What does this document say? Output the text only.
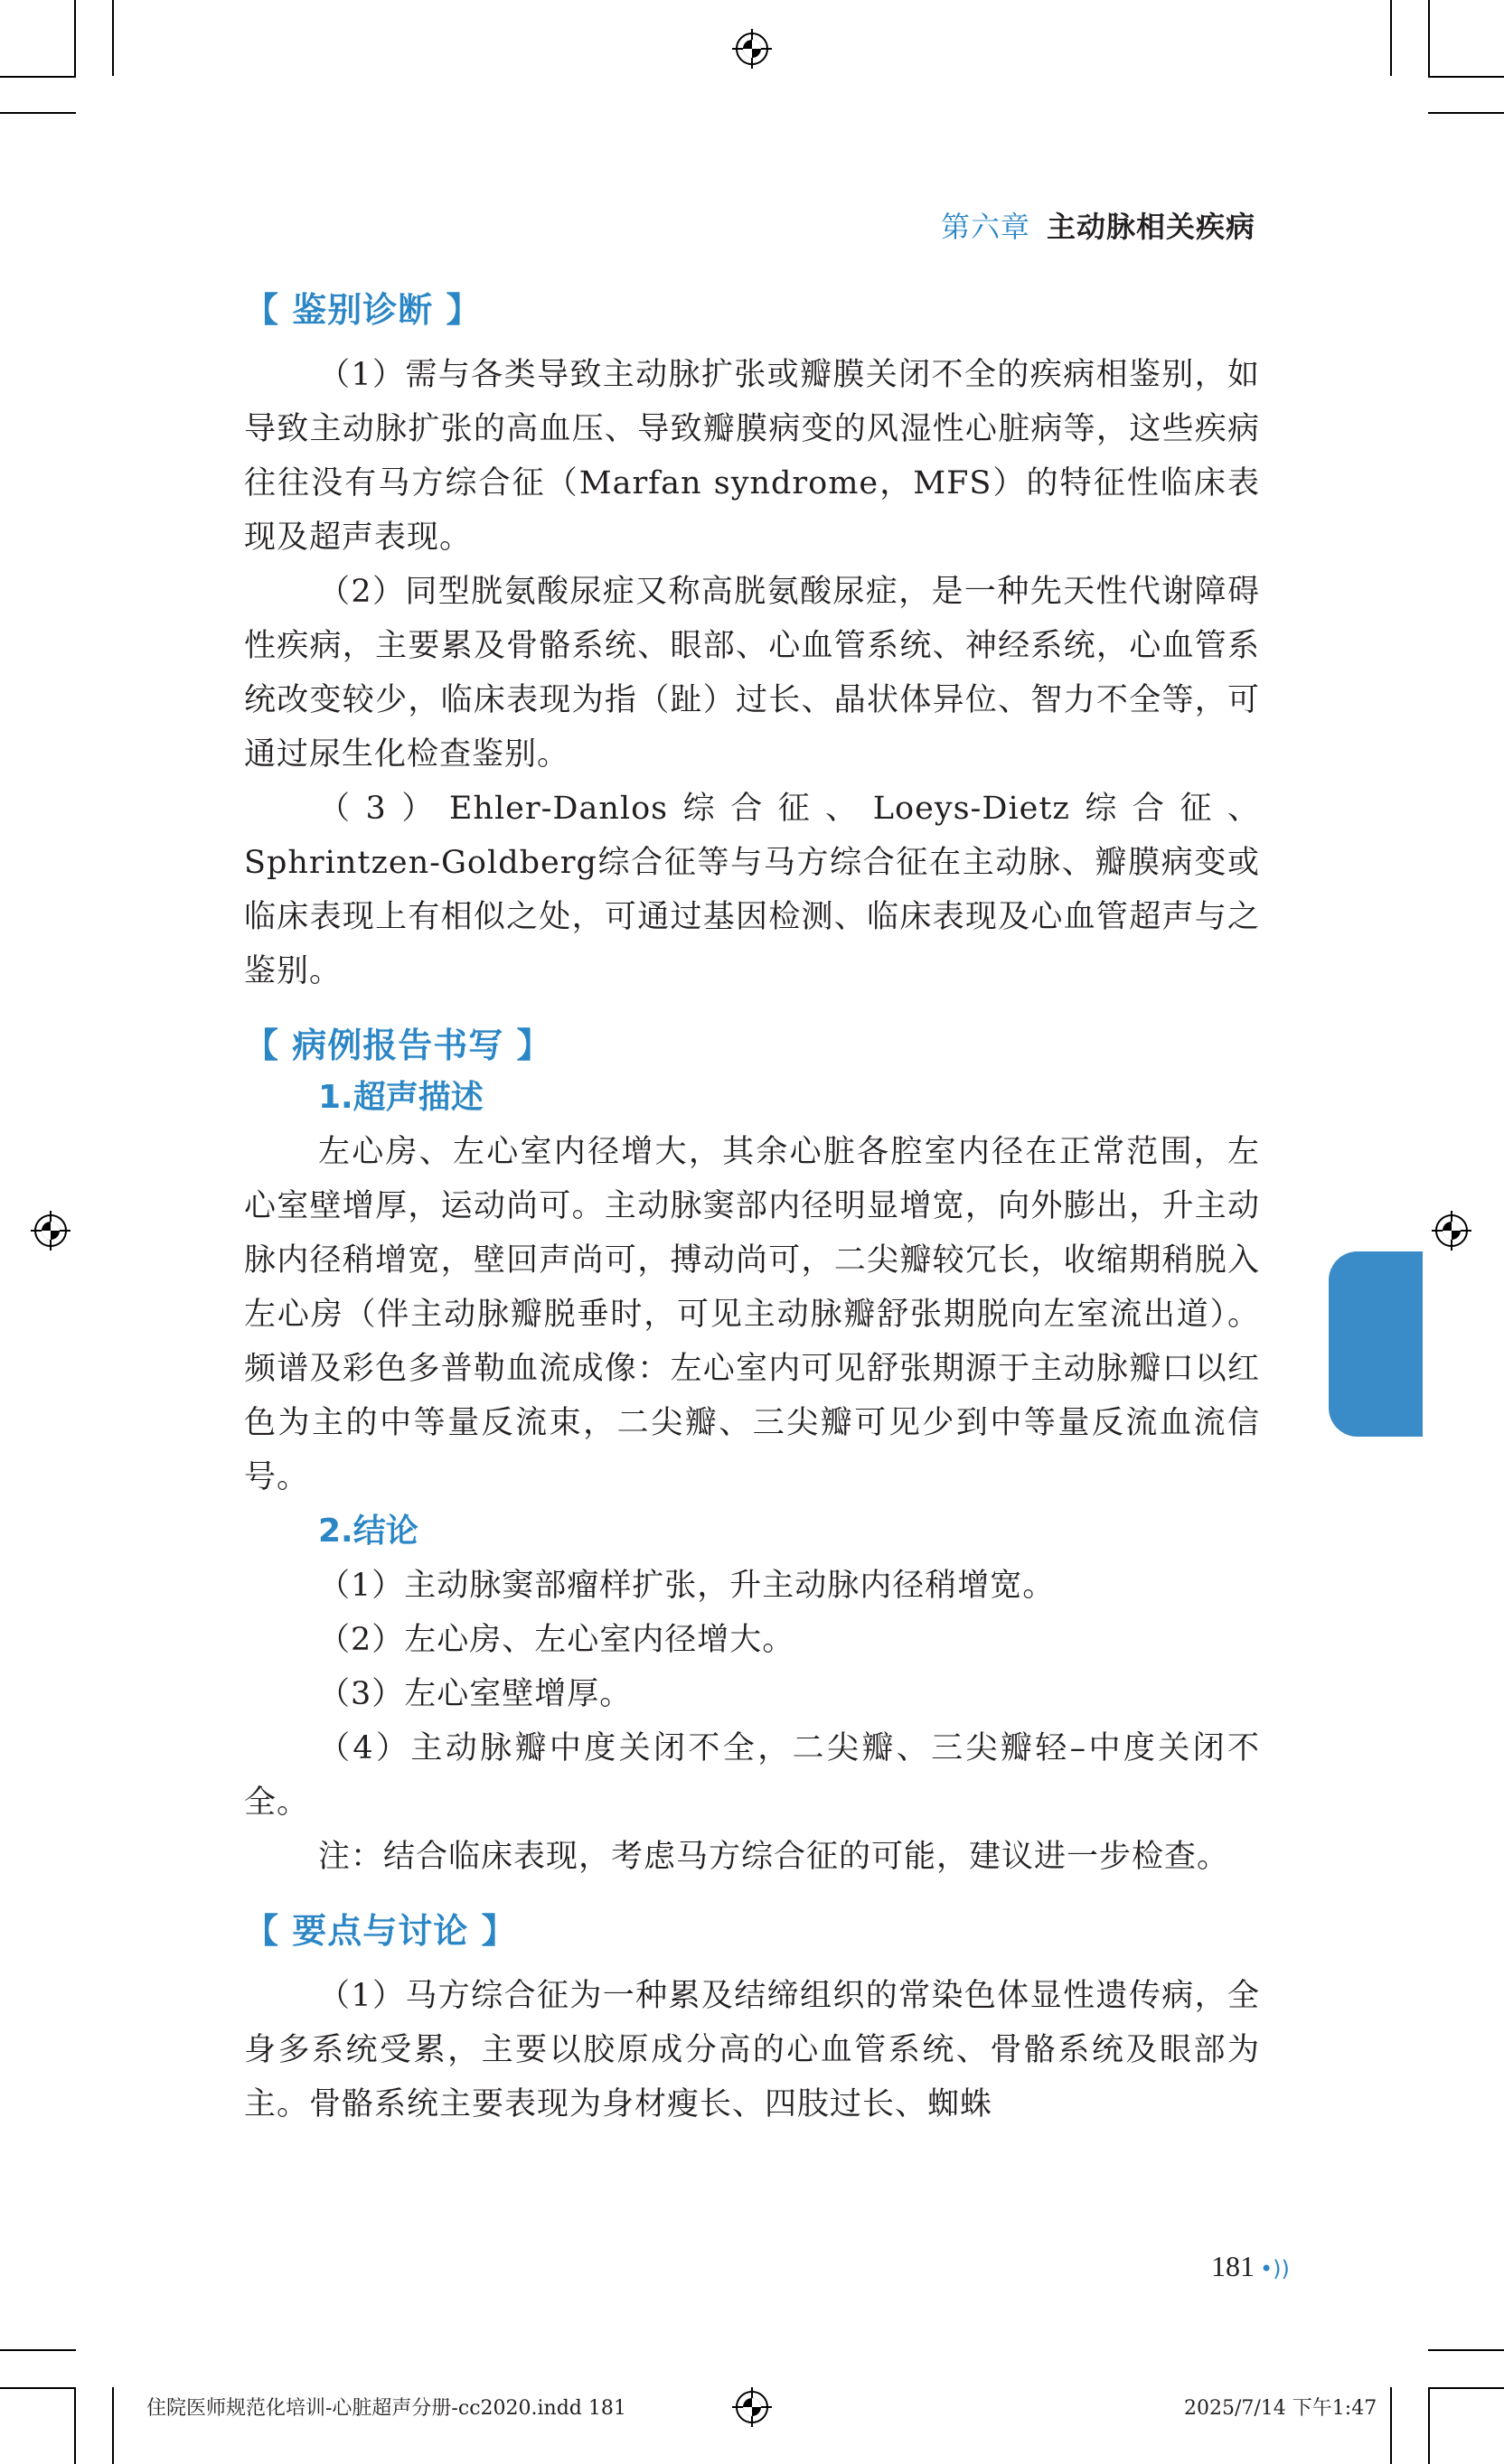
第六章 主动脉相关疾病
【 鉴别诊断 】

（1）需与各类导致主动脉扩张或瓣膜关闭不全的疾病相鉴别，如导致主动脉扩张的高血压、导致瓣膜病变的风湿性心脏病等，这些疾病往往没有马方综合征（Marfan syndrome，MFS）的特征性临床表现及超声表现。

（2）同型胱氨酸尿症又称高胱氨酸尿症，是一种先天性代谢障碍性疾病，主要累及骨骼系统、眼部、心血管系统、神经系统，心血管系统改变较少，临床表现为指（趾）过长、晶状体异位、智力不全等，可通过尿生化检查鉴别。

（3）Ehler-Danlos综合征、Loeys-Dietz综合征、Sphrintzen-Goldberg综合征等与马方综合征在主动脉、瓣膜病变或临床表现上有相似之处，可通过基因检测、临床表现及心血管超声与之鉴别。

【 病例报告书写 】
1.超声描述

左心房、左心室内径增大，其余心脏各腔室内径在正常范围，左心室壁增厚，运动尚可。主动脉窦部内径明显增宽，向外膨出，升主动脉内径稍增宽，壁回声尚可，搏动尚可，二尖瓣较冗长，收缩期稍脱入左心房（伴主动脉瓣脱垂时，可见主动脉瓣舒张期脱向左室流出道）。频谱及彩色多普勒血流成像：左心室内可见舒张期源于主动脉瓣口以红色为主的中等量反流束，二尖瓣、三尖瓣可见少到中等量反流血流信号。

2.结论

（1）主动脉窦部瘤样扩张，升主动脉内径稍增宽。

（2）左心房、左心室内径增大。

（3）左心室壁增厚。

（4）主动脉瓣中度关闭不全，二尖瓣、三尖瓣轻–中度关闭不全。

注：结合临床表现，考虑马方综合征的可能，建议进一步检查。

【 要点与讨论 】

（1）马方综合征为一种累及结缔组织的常染色体显性遗传病，全身多系统受累，主要以胶原成分高的心血管系统、骨骼系统及眼部为主。骨骼系统主要表现为身材瘦长、四肢过长、蜘蛛

181 •))
住院医师规范化培训-心脏超声分册-cc2020.indd 181	2025/7/14 下午1:47
